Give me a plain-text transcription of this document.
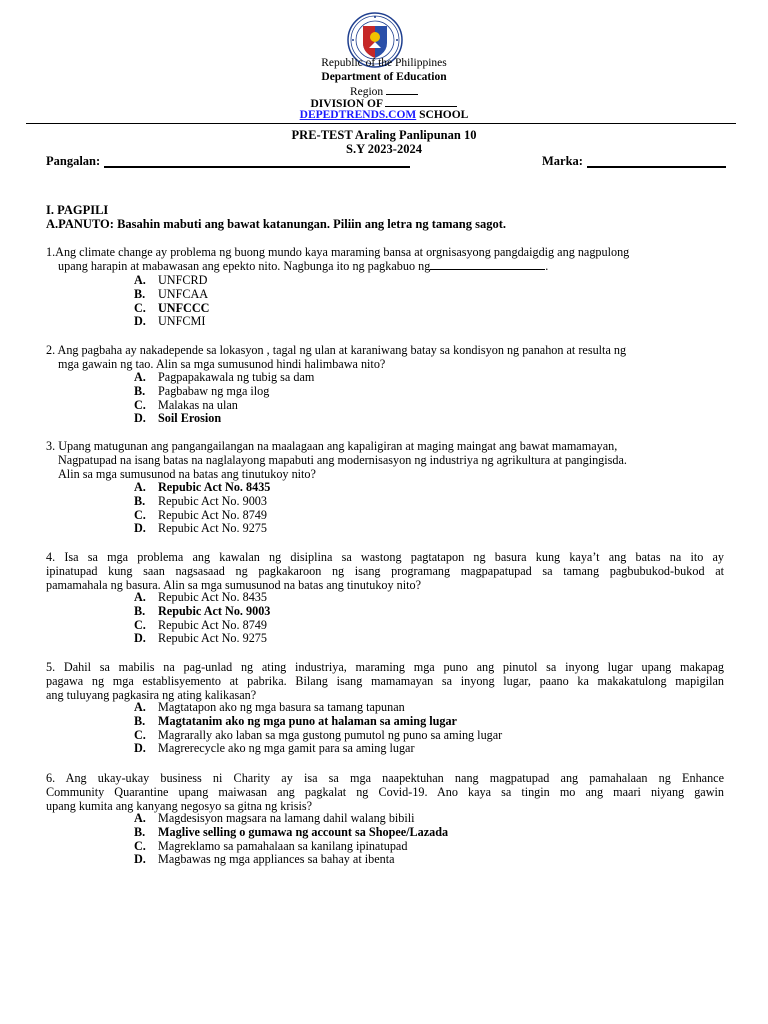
Republic of the Philippines
Department of Education
Region
DIVISION OF
DEPEDTRENDS.COM SCHOOL
PRE-TEST Araling Panlipunan 10
S.Y 2023-2024
Pangalan:	Marka:
I. PAGPILI
A.PANUTO: Basahin mabuti ang bawat katanungan. Piliin ang letra ng tamang sagot.
1.Ang climate change ay problema ng buong mundo kaya maraming bansa at orgnisasyong pangdaigdig ang nagpulong
upang harapin at mabawasan ang epekto nito. Nagbunga ito ng pagkabuo ng	.
A. UNFCRD
B. UNFCAA
C. UNFCCC
D. UNFCMI
2. Ang pagbaha ay nakadepende sa lokasyon , tagal ng ulan at karaniwang batay sa kondisyon ng panahon at resulta ng
mga gawain ng tao. Alin sa mga sumusunod hindi halimbawa nito?
A. Pagpapakawala ng tubig sa dam
B. Pagbabaw ng mga ilog
C. Malakas na ulan
D. Soil Erosion
3. Upang matugunan ang pangangailangan na maalagaan ang kapaligiran at maging maingat ang bawat mamamayan,
Nagpatupad na isang batas na naglalayong mapabuti ang modernisasyon ng industriya ng agrikultura at pangingisda.
Alin sa mga sumusunod na batas ang tinutukoy nito?
A. Repubic Act No. 8435
B. Repubic Act No. 9003
C. Repubic Act No. 8749
D. Repubic Act No. 9275
4. Isa sa mga problema ang kawalan ng disiplina sa wastong pagtatapon ng basura kung kaya’t ang batas na ito ay
ipinatupad kung saan nagsasaad ng pagkakaroon ng isang programang magpapatupad sa tamang pagbubukod-bukod at
pamamahala ng basura. Alin sa mga sumusunod na batas ang tinutukoy nito?
A. Repubic Act No. 8435
B. Repubic Act No. 9003
C. Repubic Act No. 8749
D. Repubic Act No. 9275
5. Dahil sa mabilis na pag-unlad ng ating industriya, maraming mga puno ang pinutol sa inyong lugar upang makapag
pagawa ng mga establisyemento at pabrika. Bilang isang mamamayan sa inyong lugar, paano ka makakatulong mapigilan
ang tuluyang pagkasira ng ating kalikasan?
A. Magtatapon ako ng mga basura sa tamang tapunan
B. Magtatanim ako ng mga puno at halaman sa aming lugar
C. Magrarally ako laban sa mga gustong pumutol ng puno sa aming lugar
D. Magrerecycle ako ng mga gamit para sa aming lugar
6. Ang ukay-ukay business ni Charity ay isa sa mga naapektuhan nang magpatupad ang pamahalaan ng Enhance
Community Quarantine upang maiwasan ang pagkalat ng Covid-19. Ano kaya sa tingin mo ang maari niyang gawin
upang kumita ang kanyang negosyo sa gitna ng krisis?
A. Magdesisyon magsara na lamang dahil walang bibili
B. Maglive selling o gumawa ng account sa Shopee/Lazada
C. Magreklamo sa pamahalaan sa kanilang ipinatupad
D. Magbawas ng mga appliances sa bahay at ibenta
